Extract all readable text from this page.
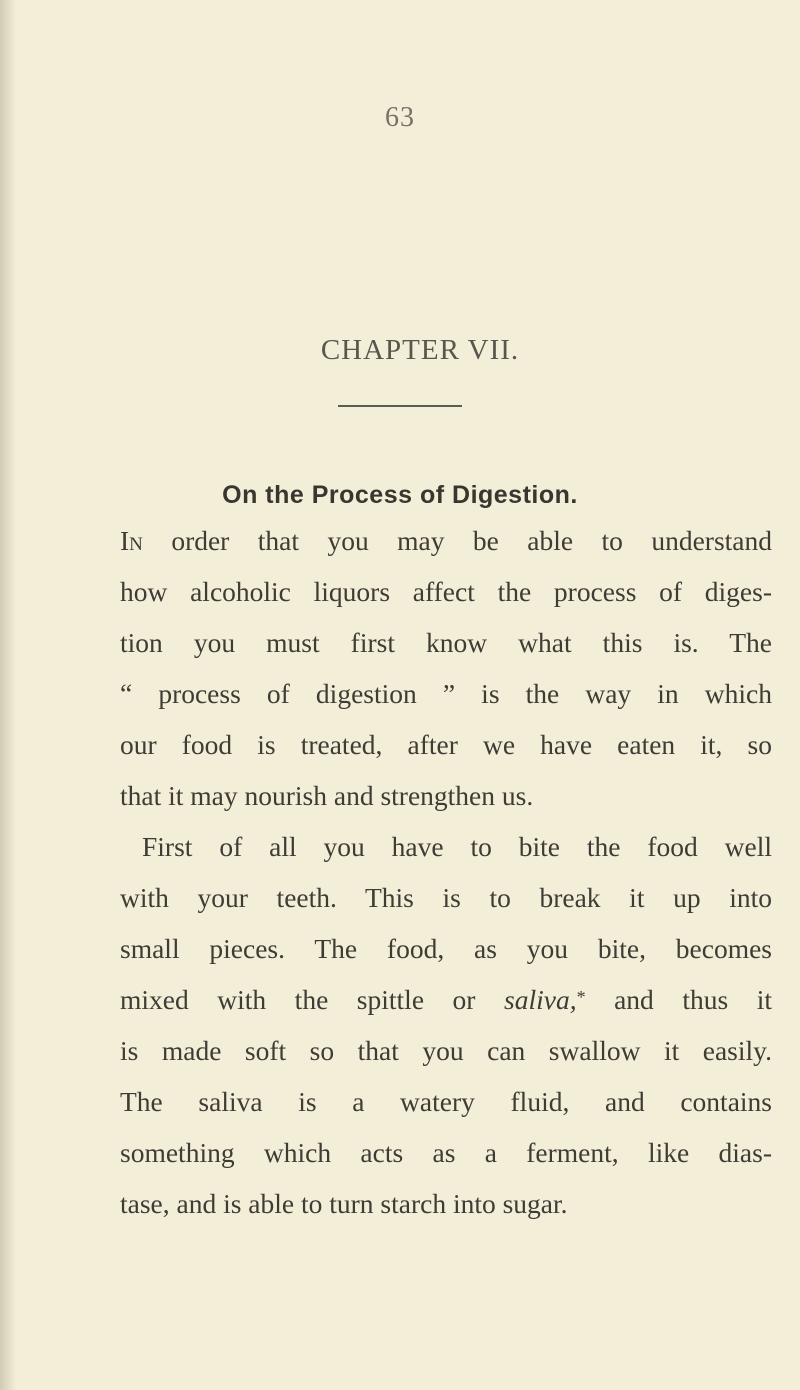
63
CHAPTER VII.
On the Process of Digestion.
In order that you may be able to understand
how alcoholic liquors affect the process of diges-
tion you must first know what this is. The
“ process of digestion ” is the way in which
our food is treated, after we have eaten it, so
that it may nourish and strengthen us.
First of all you have to bite the food well
with your teeth. This is to break it up into
small pieces. The food, as you bite, becomes
mixed with the spittle or saliva,* and thus it
is made soft so that you can swallow it easily.
The saliva is a watery fluid, and contains
something which acts as a ferment, like dias-
tase, and is able to turn starch into sugar.
